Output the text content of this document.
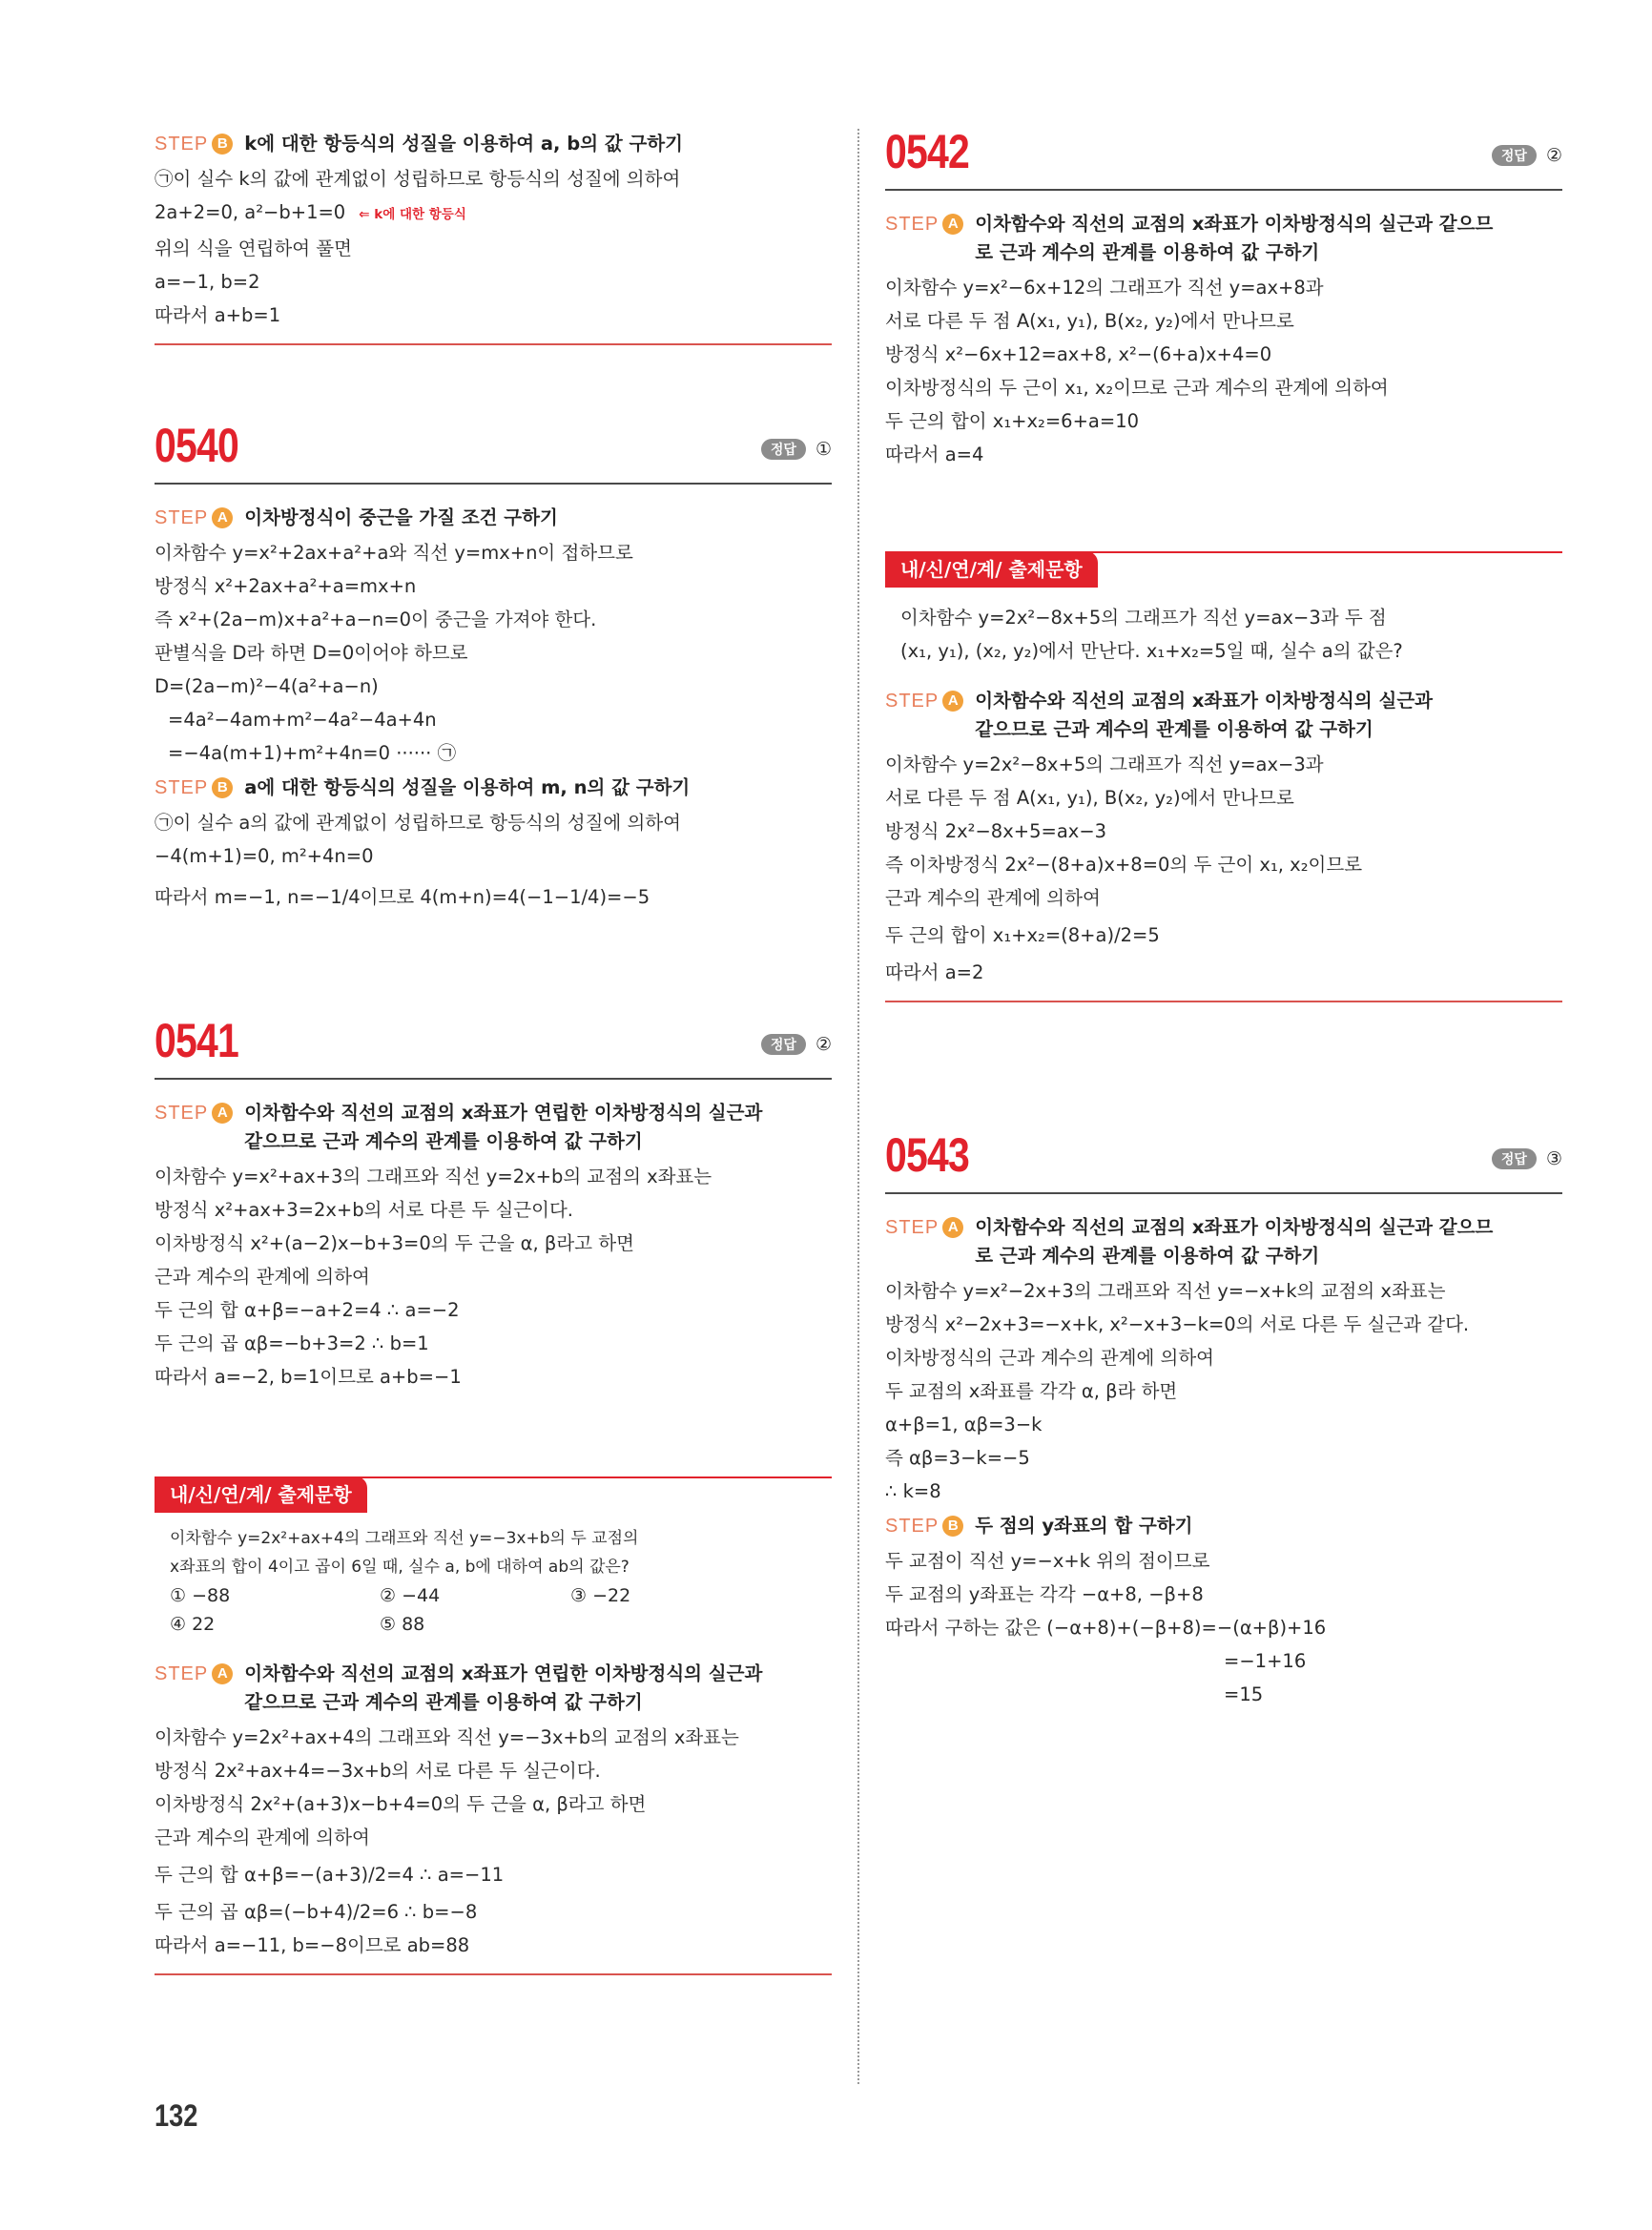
STEP B k에 대한 항등식의 성질을 이용하여 a, b의 값 구하기
㉠이 실수 k의 값에 관계없이 성립하므로 항등식의 성질에 의하여
2a+2=0, a²−b+1=0 ⇐ k에 대한 항등식
위의 식을 연립하여 풀면
a=−1, b=2
따라서 a+b=1
0540	정답	①
STEP A 이차방정식이 중근을 가질 조건 구하기
이차함수 y=x²+2ax+a²+a와 직선 y=mx+n이 접하므로
방정식 x²+2ax+a²+a=mx+n
즉 x²+(2a−m)x+a²+a−n=0이 중근을 가져야 한다.
판별식을 D라 하면 D=0이어야 하므로
D=(2a−m)²−4(a²+a−n)
=4a²−4am+m²−4a²−4a+4n
=−4a(m+1)+m²+4n=0 ······ ㉠
STEP B a에 대한 항등식의 성질을 이용하여 m, n의 값 구하기
㉠이 실수 a의 값에 관계없이 성립하므로 항등식의 성질에 의하여
−4(m+1)=0, m²+4n=0
따라서 m=−1, n=−1/4이므로 4(m+n)=4(−1−1/4)=−5
0541	정답	②
STEP A 이차함수와 직선의 교점의 x좌표가 연립한 이차방정식의 실근과
같으므로 근과 계수의 관계를 이용하여 값 구하기
이차함수 y=x²+ax+3의 그래프와 직선 y=2x+b의 교점의 x좌표는
방정식 x²+ax+3=2x+b의 서로 다른 두 실근이다.
이차방정식 x²+(a−2)x−b+3=0의 두 근을 α, β라고 하면
근과 계수의 관계에 의하여
두 근의 합 α+β=−a+2=4 ∴ a=−2
두 근의 곱 αβ=−b+3=2 ∴ b=1
따라서 a=−2, b=1이므로 a+b=−1
내/신/연/계/ 출제문항
이차함수 y=2x²+ax+4의 그래프와 직선 y=−3x+b의 두 교점의
x좌표의 합이 4이고 곱이 6일 때, 실수 a, b에 대하여 ab의 값은?
① −88	② −44	③ −22
④ 22	⑤ 88
STEP A 이차함수와 직선의 교점의 x좌표가 연립한 이차방정식의 실근과
같으므로 근과 계수의 관계를 이용하여 값 구하기
이차함수 y=2x²+ax+4의 그래프와 직선 y=−3x+b의 교점의 x좌표는
방정식 2x²+ax+4=−3x+b의 서로 다른 두 실근이다.
이차방정식 2x²+(a+3)x−b+4=0의 두 근을 α, β라고 하면
근과 계수의 관계에 의하여
두 근의 합 α+β=−(a+3)/2=4 ∴ a=−11
두 근의 곱 αβ=(−b+4)/2=6 ∴ b=−8
따라서 a=−11, b=−8이므로 ab=88
0542	정답	②
STEP A 이차함수와 직선의 교점의 x좌표가 이차방정식의 실근과 같으므
로 근과 계수의 관계를 이용하여 값 구하기
이차함수 y=x²−6x+12의 그래프가 직선 y=ax+8과
서로 다른 두 점 A(x₁, y₁), B(x₂, y₂)에서 만나므로
방정식 x²−6x+12=ax+8, x²−(6+a)x+4=0
이차방정식의 두 근이 x₁, x₂이므로 근과 계수의 관계에 의하여
두 근의 합이 x₁+x₂=6+a=10
따라서 a=4
내/신/연/계/ 출제문항
이차함수 y=2x²−8x+5의 그래프가 직선 y=ax−3과 두 점
(x₁, y₁), (x₂, y₂)에서 만난다. x₁+x₂=5일 때, 실수 a의 값은?
STEP A 이차함수와 직선의 교점의 x좌표가 이차방정식의 실근과
같으므로 근과 계수의 관계를 이용하여 값 구하기
이차함수 y=2x²−8x+5의 그래프가 직선 y=ax−3과
서로 다른 두 점 A(x₁, y₁), B(x₂, y₂)에서 만나므로
방정식 2x²−8x+5=ax−3
즉 이차방정식 2x²−(8+a)x+8=0의 두 근이 x₁, x₂이므로
근과 계수의 관계에 의하여
두 근의 합이 x₁+x₂=(8+a)/2=5
따라서 a=2
0543	정답	③
STEP A 이차함수와 직선의 교점의 x좌표가 이차방정식의 실근과 같으므
로 근과 계수의 관계를 이용하여 값 구하기
이차함수 y=x²−2x+3의 그래프와 직선 y=−x+k의 교점의 x좌표는
방정식 x²−2x+3=−x+k, x²−x+3−k=0의 서로 다른 두 실근과 같다.
이차방정식의 근과 계수의 관계에 의하여
두 교점의 x좌표를 각각 α, β라 하면
α+β=1, αβ=3−k
즉 αβ=3−k=−5
∴ k=8
STEP B 두 점의 y좌표의 합 구하기
두 교점이 직선 y=−x+k 위의 점이므로
두 교점의 y좌표는 각각 −α+8, −β+8
따라서 구하는 값은 (−α+8)+(−β+8)=−(α+β)+16
=−1+16
=15
132
